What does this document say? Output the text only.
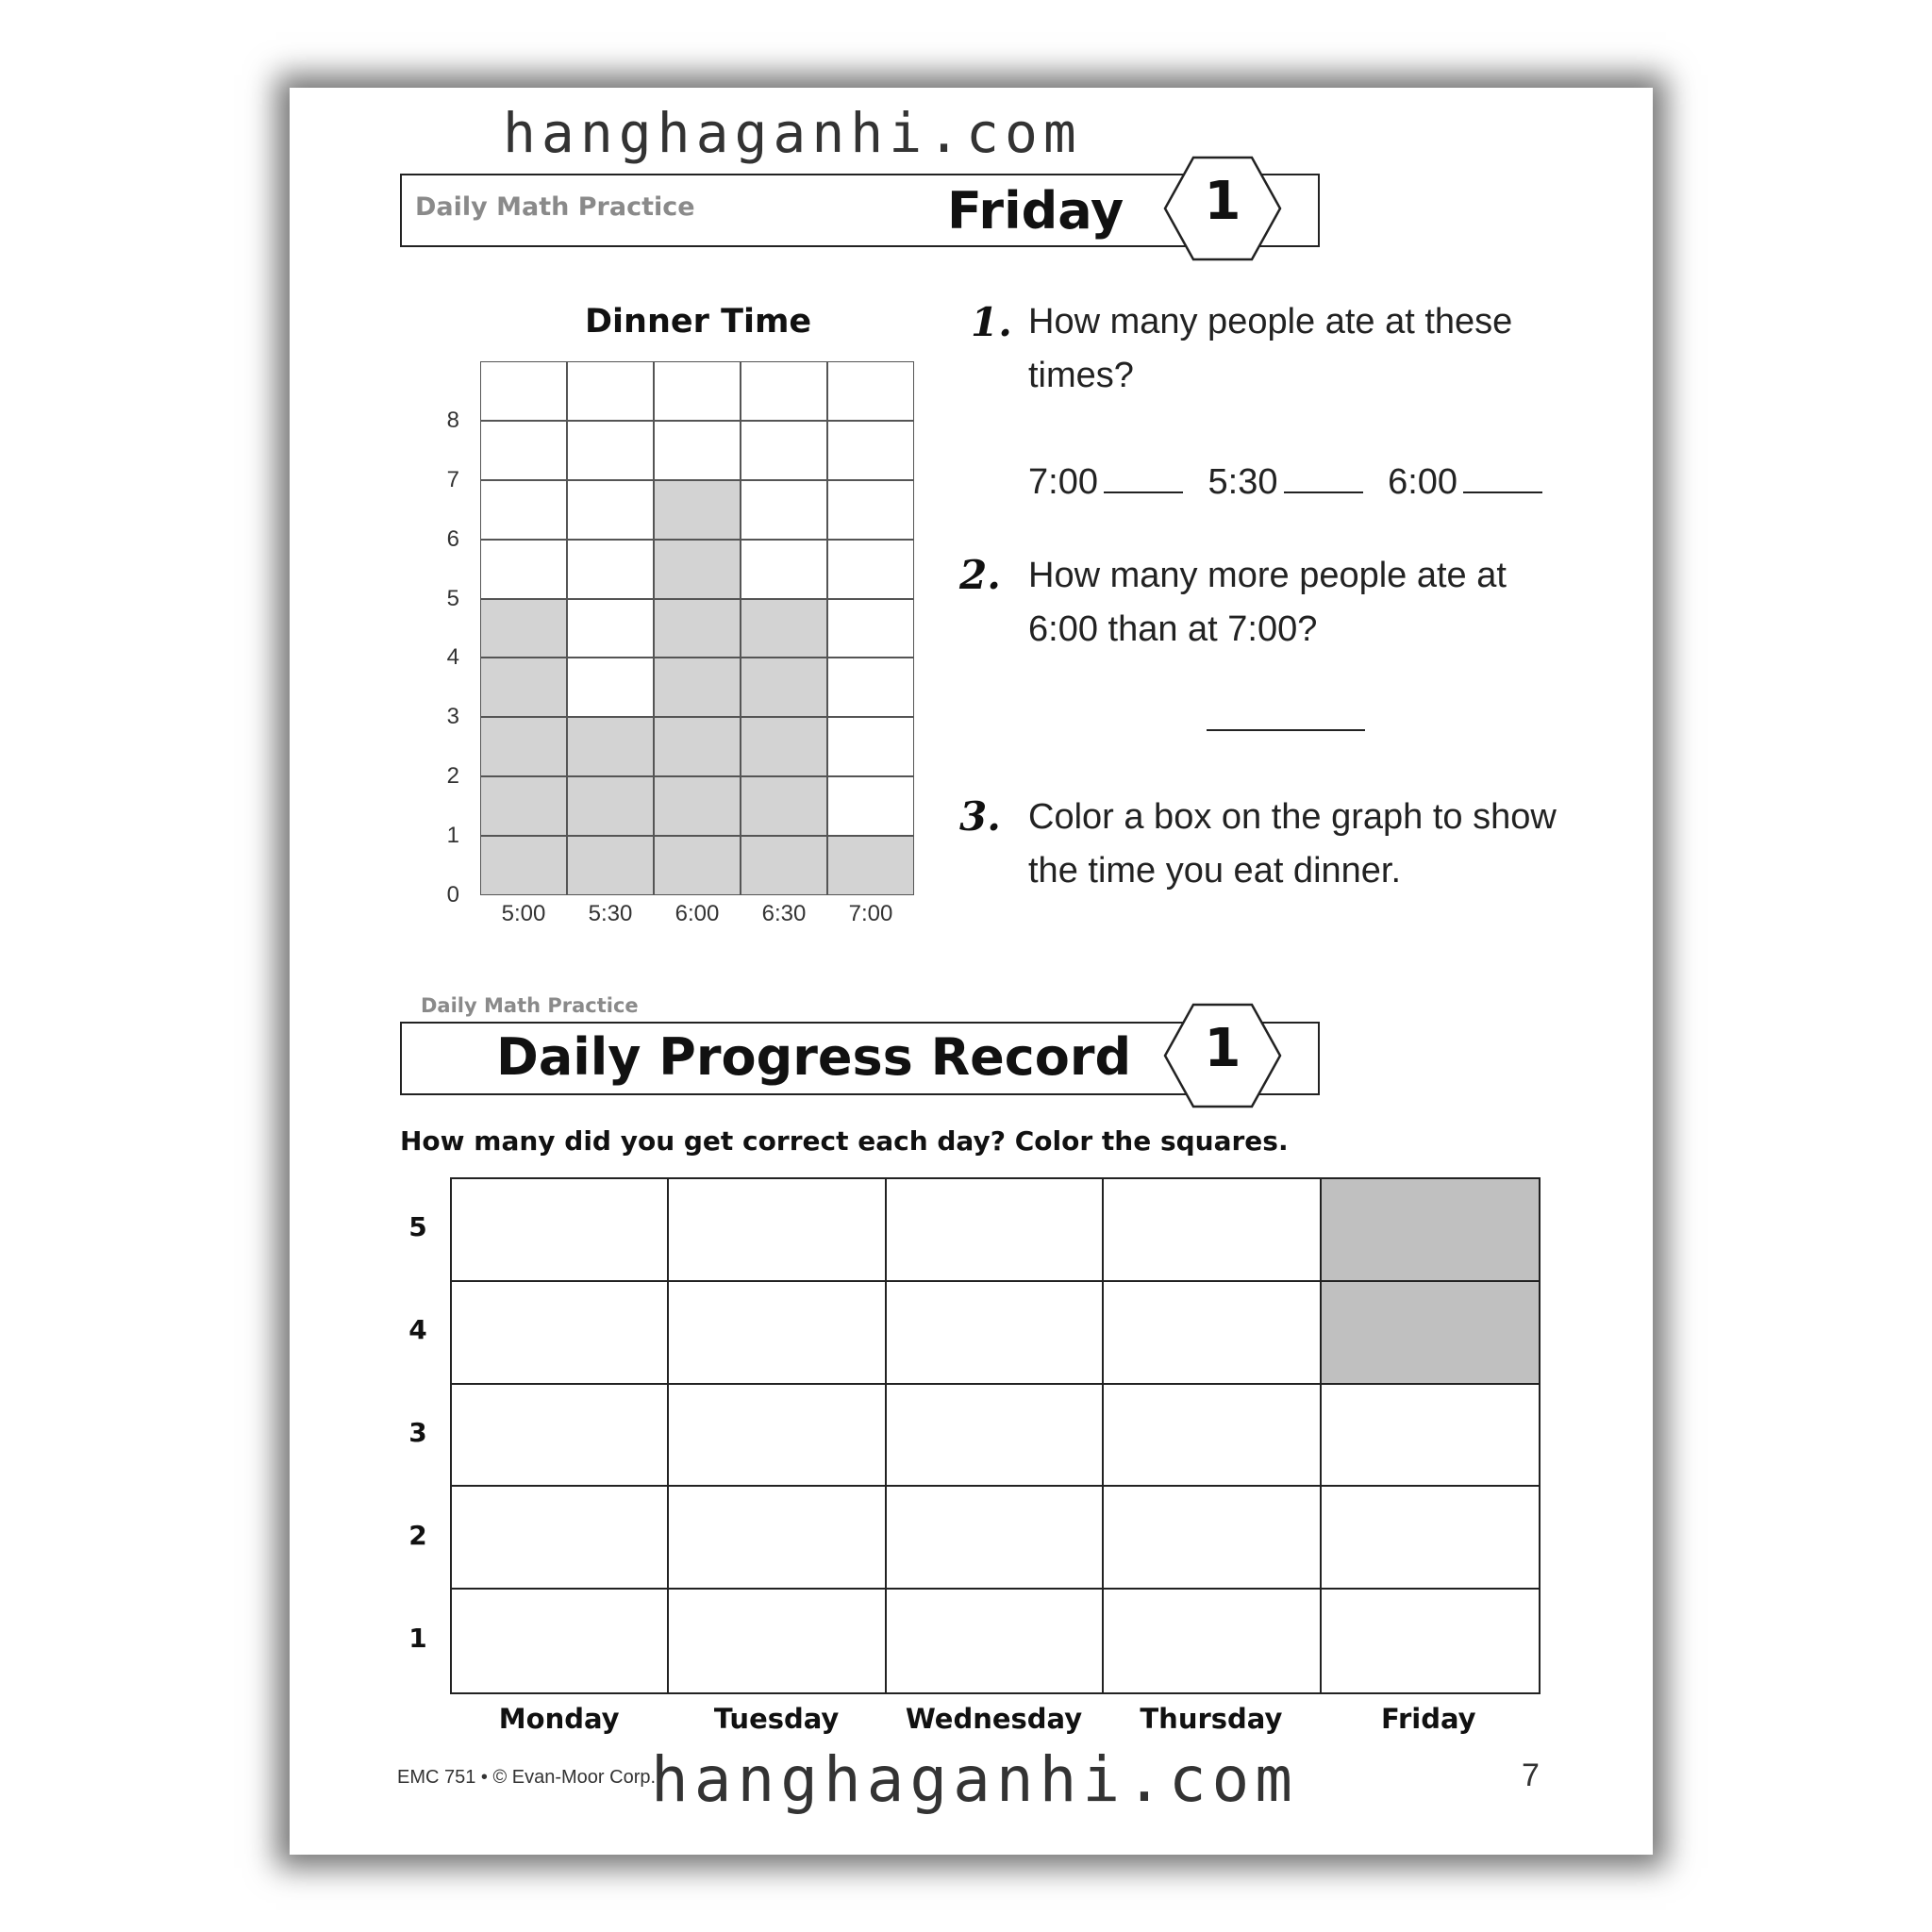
hanghaganhi.com
Daily Math Practice	Friday	1
Dinner Time
0
1
2
3
4
5
6
7
8
5:00	5:30	6:00	6:30	7:00
1. How many people ate at these
times?
7:00	5:30	6:00
2. How many more people ate at
6:00 than at 7:00?
3. Color a box on the graph to show
the time you eat dinner.
Daily Math Practice
Daily Progress Record	1
How many did you get correct each day? Color the squares.
5
4
3
2
1
Monday	Tuesday	Wednesday	Thursday	Friday
EMC 751 • © Evan-Moor Corp.
hanghaganhi.com	7
